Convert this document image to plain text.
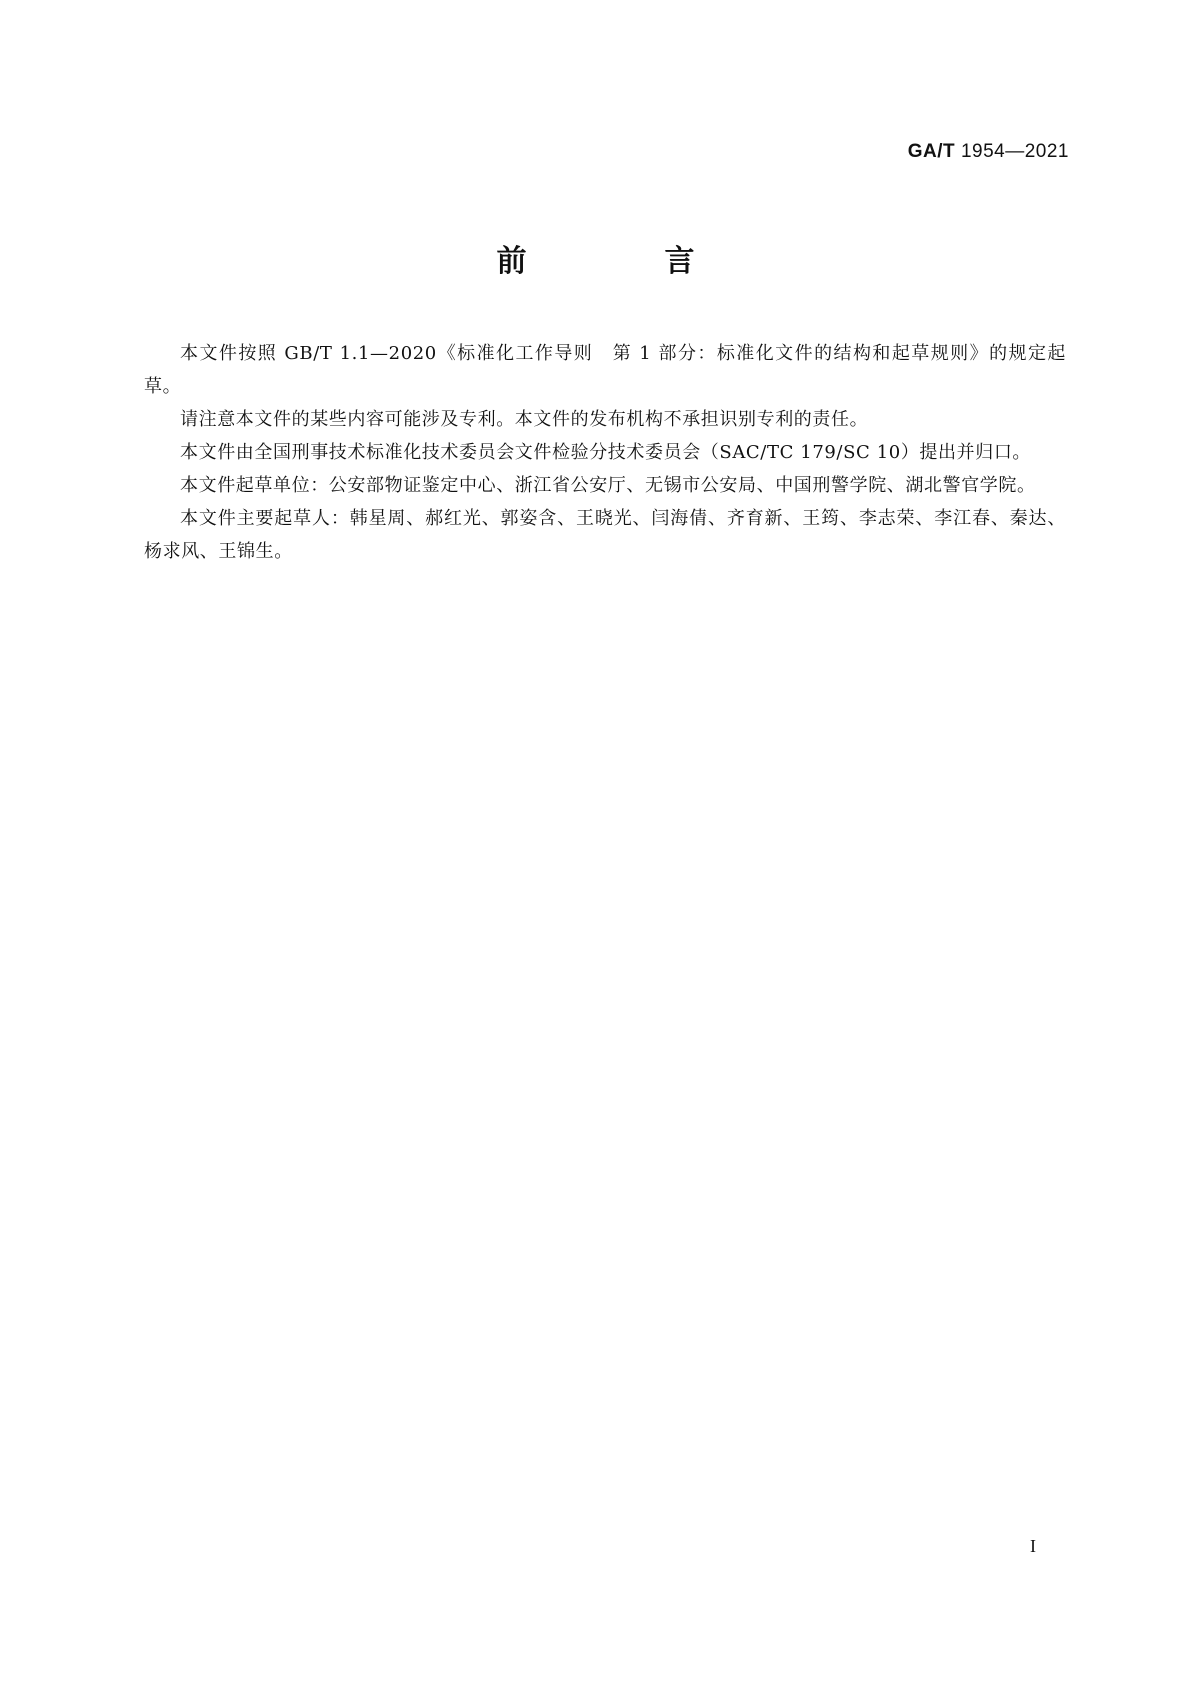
GA/T 1954—2021
前　言

本文件按照 GB/T 1.1—2020《标准化工作导则　第 1 部分：标准化文件的结构和起草规则》的规定起草。

请注意本文件的某些内容可能涉及专利。本文件的发布机构不承担识别专利的责任。

本文件由全国刑事技术标准化技术委员会文件检验分技术委员会（SAC/TC 179/SC 10）提出并归口。

本文件起草单位：公安部物证鉴定中心、浙江省公安厅、无锡市公安局、中国刑警学院、湖北警官学院。

本文件主要起草人：韩星周、郝红光、郭姿含、王晓光、闫海倩、齐育新、王筠、李志荣、李江春、秦达、杨求风、王锦生。

I
